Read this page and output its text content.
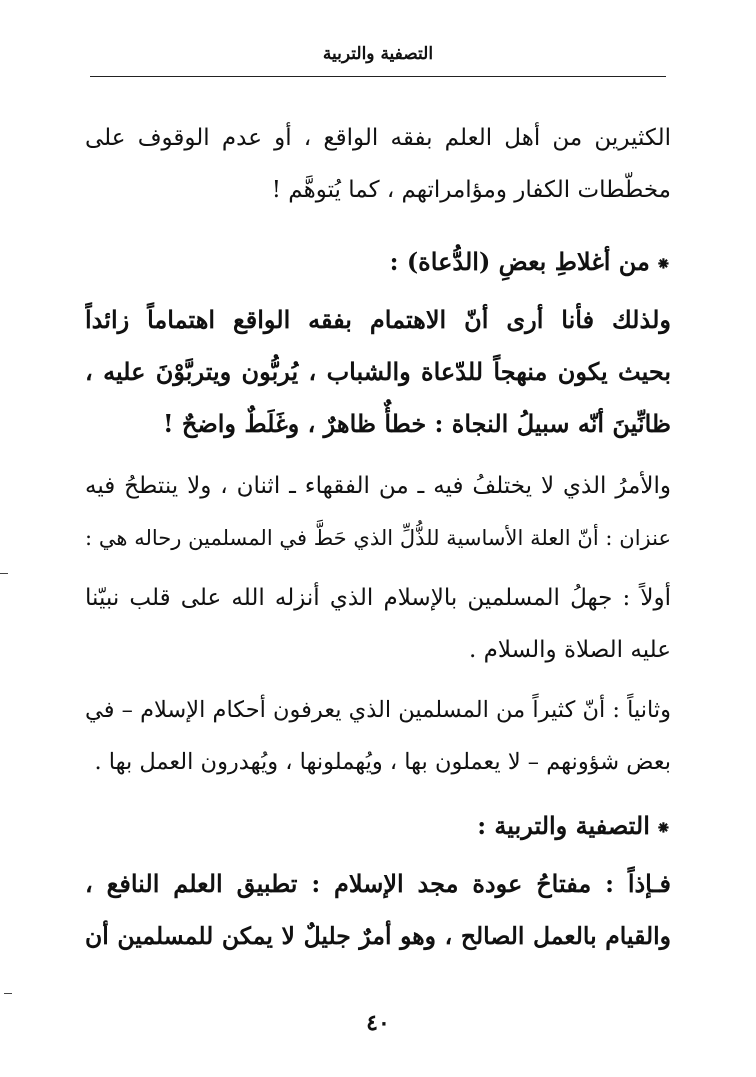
التصفية والتربية
الكثيرين من أهل العلم بفقه الواقع ، أو عدم الوقوف على
مخطّطات الكفار ومؤامراتهم ، كما يُتوهَّم !
⁕من أغلاطِ بعضِ (الدُّعاة) :
ولذلك فأنا أرى أنّ الاهتمام بفقه الواقع اهتماماً زائداً
بحيث يكون منهجاً للدّعاة والشباب ، يُربُّون ويتربَّوْنَ عليه ،
ظانِّينَ أنّه سبيلُ النجاة : خطأٌ ظاهرٌ ، وغَلَطٌ واضحٌ !
والأمرُ الذي لا يختلفُ فيه ـ من الفقهاء ـ اثنان ، ولا ينتطحُ فيه
عنزان : أنّ العلة الأساسية للذُّلِّ الذي حَطَّ في المسلمين رحاله هي :
أولاً : جهلُ المسلمين بالإسلام الذي أنزله الله على قلب نبيّنا
عليه الصلاة والسلام .
وثانياً : أنّ كثيراً من المسلمين الذي يعرفون أحكام الإسلام – في
بعض شؤونهم – لا يعملون بها ، ويُهملونها ، ويُهدرون العمل بها .
⁕التصفية والتربية :
فـإذاً : مفتاحُ عودة مجد الإسلام : تطبيق العلم النافع ،
والقيام بالعمل الصالح ، وهو أمرٌ جليلٌ لا يمكن للمسلمين أن
٤٠
